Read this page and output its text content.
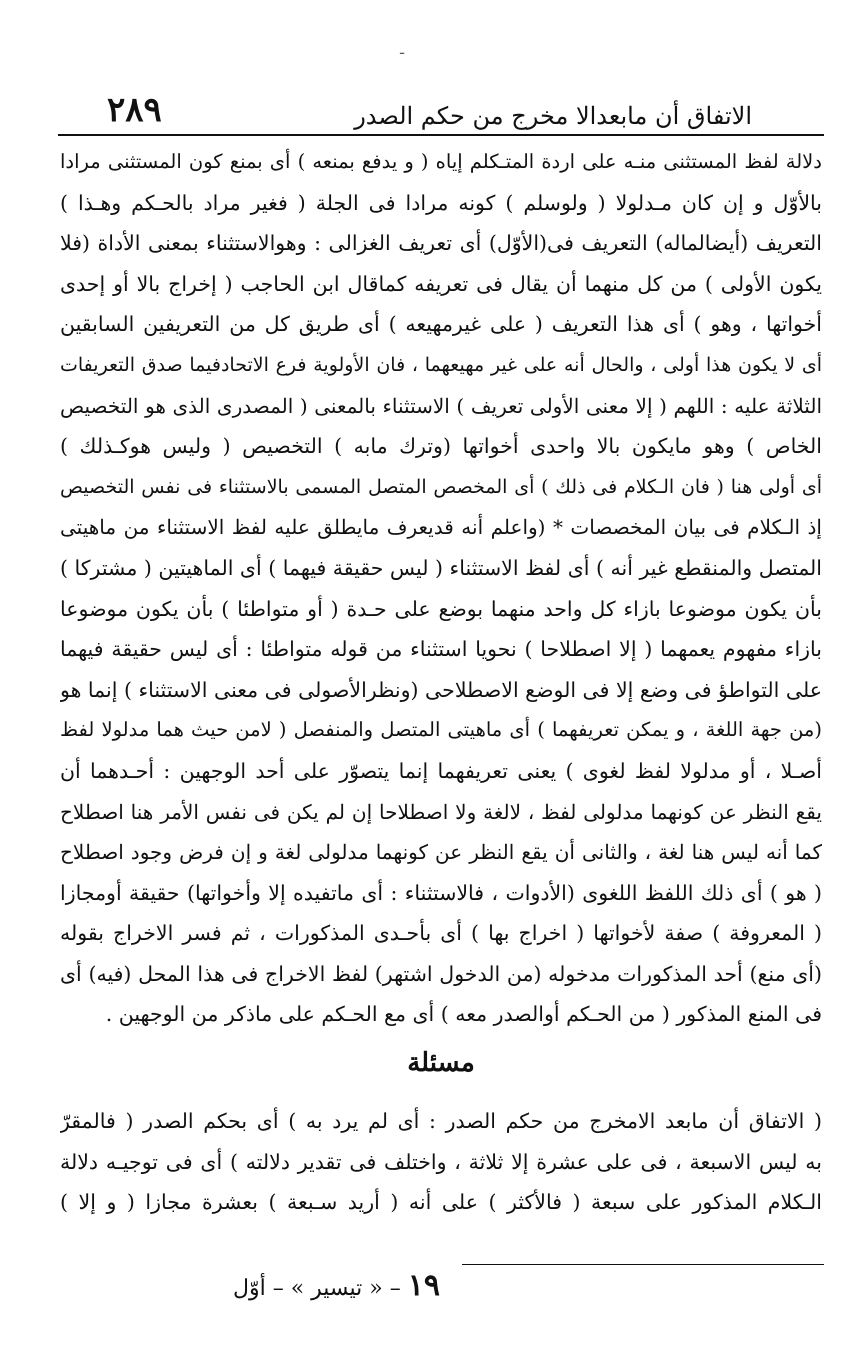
ـ
الاتفاق أن مابعدالا مخرج من حكم الصدر
٢٨٩
دلالة لفظ المستثنى منـه على اردة المتـكلم إياه ( و يدفع بمنعه ) أى بمنع كون المستثنى مرادا
بالأوّل و إن كان مـدلولا ( ولوسلم ) كونه مرادا فى الجلة ( فغير مراد بالحـكم وهـذا )
التعريف (أيضالماله) التعريف فى(الأوّل) أى تعريف الغزالى : وهوالاستثناء بمعنى الأداة (فلا
يكون الأولى ) من كل منهما أن يقال فى تعريفه كماقال ابن الحاجب ( إخراج بالا أو إحدى
أخواتها ، وهو ) أى هذا التعريف ( على غيرمهيعه ) أى طريق كل من التعريفين السابقين
أى لا يكون هذا أولى ، والحال أنه على غير مهيعهما ، فان الأولوية فرع الاتحادفيما صدق التعريفات
الثلاثة عليه : اللهم ( إلا معنى الأولى تعريف ) الاستثناء بالمعنى ( المصدرى الذى هو التخصيص
الخاص ) وهو مايكون بالا واحدى أخواتها (وترك مابه ) التخصيص ( وليس هوكـذلك )
أى أولى هنا ( فان الـكلام فى ذلك ) أى المخصص المتصل المسمى بالاستثناء فى نفس التخصيص
إذ الـكلام فى بيان المخصصات * (واعلم أنه قديعرف مايطلق عليه لفظ الاستثناء من ماهيتى
المتصل والمنقطع غير أنه ) أى لفظ الاستثناء ( ليس حقيقة فيهما ) أى الماهيتين ( مشتركا )
بأن يكون موضوعا بازاء كل واحد منهما بوضع على حـدة ( أو متواطئا ) بأن يكون موضوعا
بازاء مفهوم يعمهما ( إلا اصطلاحا ) نحويا استثناء من قوله متواطئا : أى ليس حقيقة فيهما
على التواطؤ فى وضع إلا فى الوضع الاصطلاحى (ونظرالأصولى فى معنى الاستثناء ) إنما هو
(من جهة اللغة ، و يمكن تعريفهما ) أى ماهيتى المتصل والمنفصل ( لامن حيث هما مدلولا لفظ
أصـلا ، أو مدلولا لفظ لغوى ) يعنى تعريفهما إنما يتصوّر على أحد الوجهين : أحـدهما أن
يقع النظر عن كونهما مدلولى لفظ ، لالغة ولا اصطلاحا إن لم يكن فى نفس الأمر هنا اصطلاح
كما أنه ليس هنا لغة ، والثانى أن يقع النظر عن كونهما مدلولى لغة و إن فرض وجود اصطلاح
( هو ) أى ذلك اللفظ اللغوى (الأدوات ، فالاستثناء : أى ماتفيده إلا وأخواتها) حقيقة أومجازا
( المعروفة ) صفة لأخواتها ( اخراج بها ) أى بأحـدى المذكورات ، ثم فسر الاخراج بقوله
(أى منع) أحد المذكورات مدخوله (من الدخول اشتهر) لفظ الاخراج فى هذا المحل (فيه) أى
فى المنع المذكور ( من الحـكم أوالصدر معه ) أى مع الحـكم على ماذكر من الوجهين .
مسئلة
( الاتفاق أن مابعد الامخرج من حكم الصدر : أى لم يرد به ) أى بحكم الصدر ( فالمقرّ
به ليس الاسبعة ، فى على عشرة إلا ثلاثة ، واختلف فى تقدير دلالته ) أى فى توجيـه دلالة
الـكلام المذكور على سبعة ( فالأكثر ) على أنه ( أريد سـبعة ) بعشرة مجازا ( و إلا )
١٩ – « تيسير » – أوّل
